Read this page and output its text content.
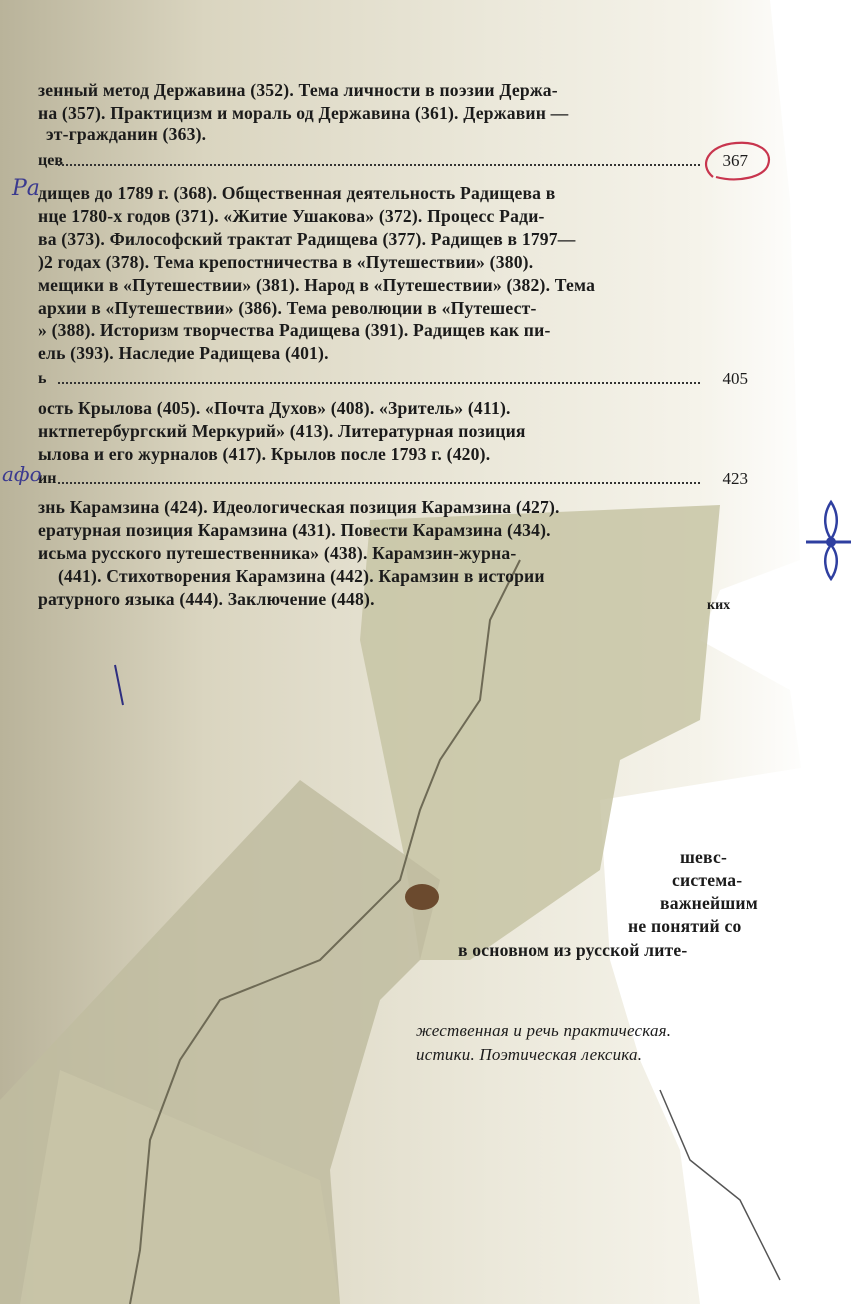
зенный метод Державина (352). Тема личности в поэзии Держа-
на (357). Практицизм и мораль од Державина (361). Державин —
эт-гражданин (363).
цев	367
Ра
дищев до 1789 г. (368). Общественная деятельность Радищева в
нце 1780-х годов (371). «Житие Ушакова» (372). Процесс Ради-
ва (373). Философский трактат Радищева (377). Радищев в 1797—
)2 годах (378). Тема крепостничества в «Путешествии» (380).
мещики в «Путешествии» (381). Народ в «Путешествии» (382). Тема
архии в «Путешествии» (386). Тема революции в «Путешест-
» (388). Историзм творчества Радищева (391). Радищев как пи-
ель (393). Наследие Радищева (401).
ь	405
ость Крылова (405). «Почта Духов» (408). «Зритель» (411).
нктпетербургский Меркурий» (413). Литературная позиция
ылова и его журналов (417). Крылов после 1793 г. (420).
ин	423
афо
знь Карамзина (424). Идеологическая позиция Карамзина (427).
ературная позиция Карамзина (431). Повести Карамзина (434).
исьма русского путешественника» (438). Карамзин-журна-
(441). Стихотворения Карамзина (442). Карамзин в истории
ратурного языка (444). Заключение (448).	ких
шевс-
система-
важнейшим
не понятий со
в основном из русской лите-
жественная и речь практическая.
истики. Поэтическая лексика.
